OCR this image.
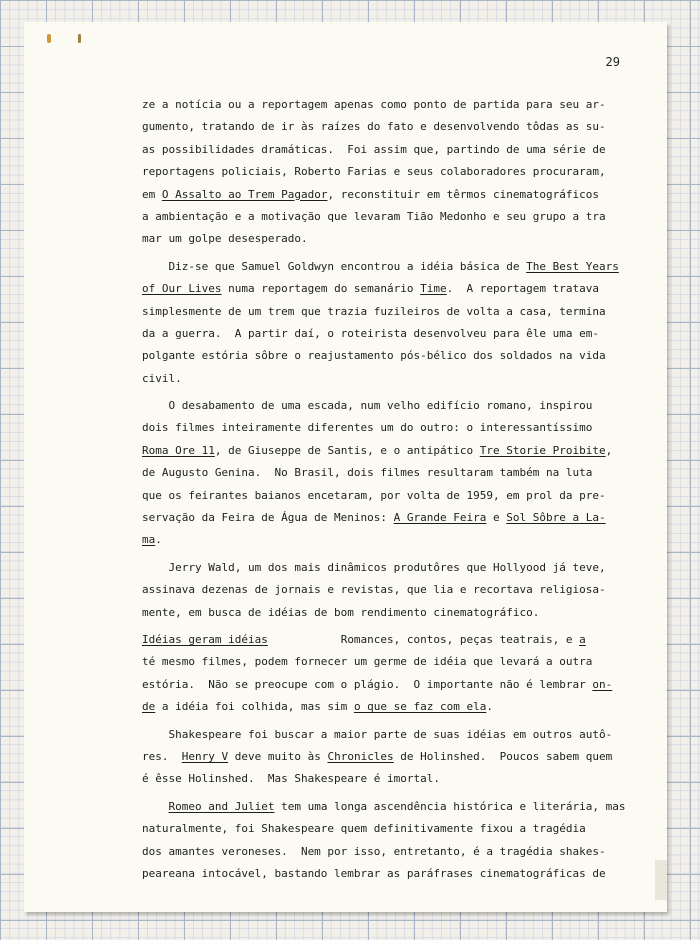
29
ze a notícia ou a reportagem apenas como ponto de partida para seu ar-
gumento, tratando de ir às raízes do fato e desenvolvendo tôdas as su-
as possibilidades dramáticas.  Foi assim que, partindo de uma série de
reportagens policiais, Roberto Farias e seus colaboradores procuraram,
em O Assalto ao Trem Pagador, reconstituir em têrmos cinematográficos
a ambientação e a motivação que levaram Tião Medonho e seu grupo a tra
mar um golpe desesperado.
Diz-se que Samuel Goldwyn encontrou a idéia básica de The Best Years
of Our Lives numa reportagem do semanário Time.  A reportagem tratava
simplesmente de um trem que trazia fuzileiros de volta a casa, termina
da a guerra.  A partir daí, o roteirista desenvolveu para êle uma em-
polgante estória sôbre o reajustamento pós-bélico dos soldados na vida
civil.
O desabamento de uma escada, num velho edifício romano, inspirou
dois filmes inteiramente diferentes um do outro: o interessantíssimo
Roma Ore 11, de Giuseppe de Santis, e o antipático Tre Storie Proibite,
de Augusto Genina.  No Brasil, dois filmes resultaram também na luta
que os feirantes baianos encetaram, por volta de 1959, em prol da pre-
servação da Feira de Água de Meninos: A Grande Feira e Sol Sôbre a La-
ma.
Jerry Wald, um dos mais dinâmicos produtôres que Hollyood já teve,
assinava dezenas de jornais e revistas, que lia e recortava religiosa-
mente, em busca de idéias de bom rendimento cinematográfico.
Idéias geram idéias           Romances, contos, peças teatrais, e a
té mesmo filmes, podem fornecer um germe de idéia que levará a outra
estória.  Não se preocupe com o plágio.  O importante não é lembrar on-
de a idéia foi colhida, mas sim o que se faz com ela.
Shakespeare foi buscar a maior parte de suas idéias em outros autô-
res.  Henry V deve muito às Chronicles de Holinshed.  Poucos sabem quem
é êsse Holinshed.  Mas Shakespeare é imortal.
Romeo and Juliet tem uma longa ascendência histórica e literária, mas
naturalmente, foi Shakespeare quem definitivamente fixou a tragédia
dos amantes veroneses.  Nem por isso, entretanto, é a tragédia shakes-
peareana intocável, bastando lembrar as paráfrases cinematográficas de
